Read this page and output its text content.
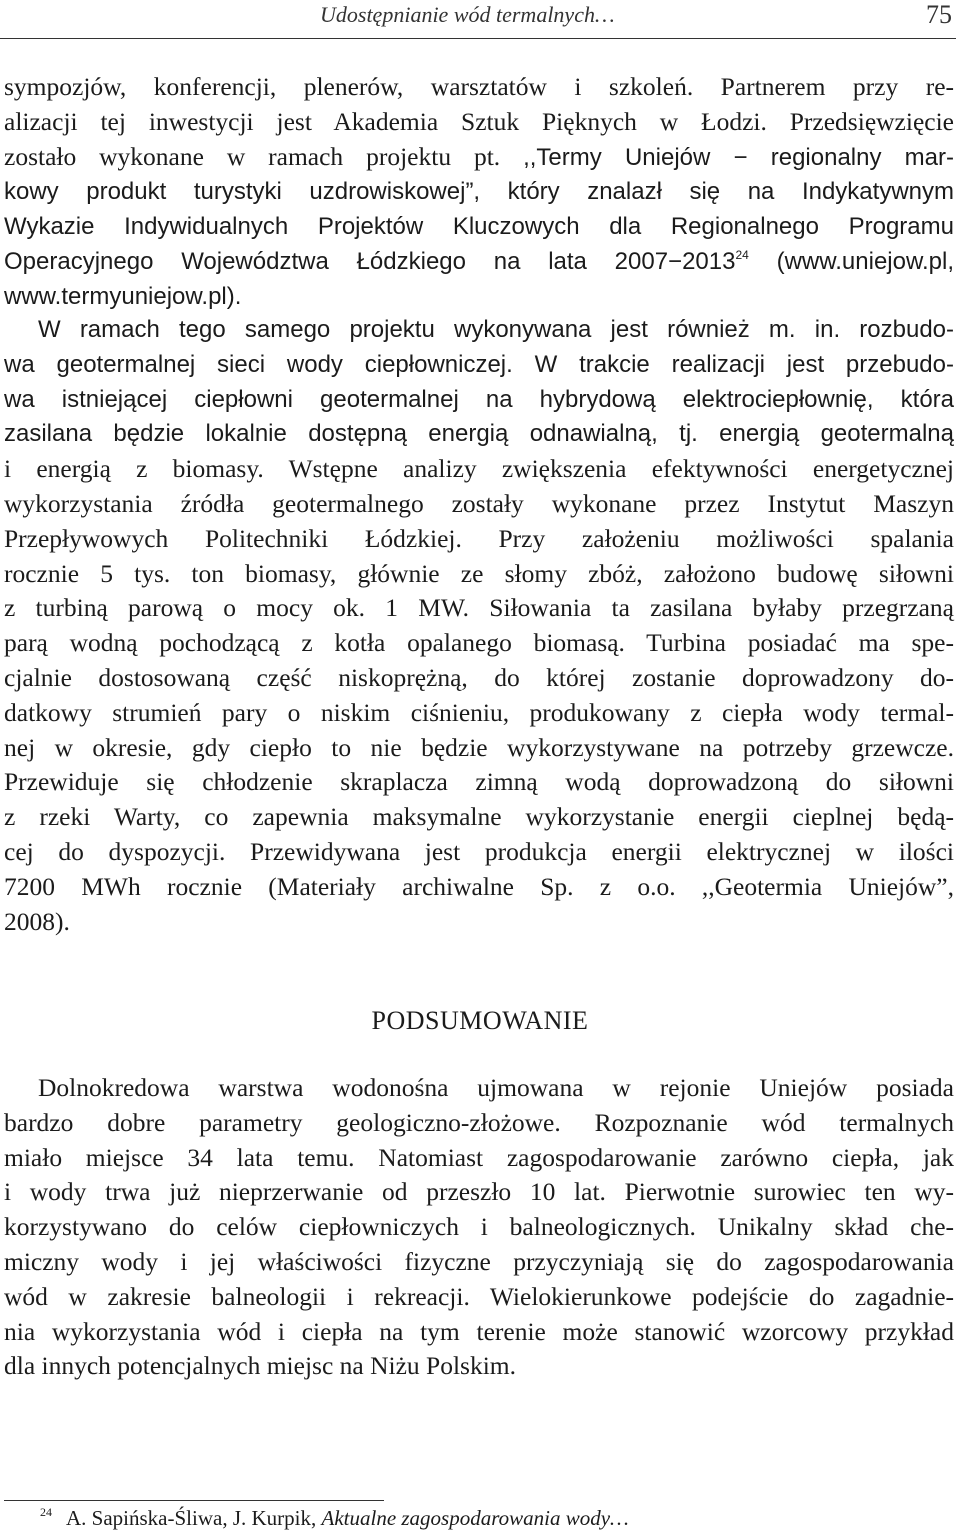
Udostępnianie wód termalnych…	75
sympozjów, konferencji, plenerów, warsztatów i szkoleń. Partnerem przy re-
alizacji tej inwestycji jest Akademia Sztuk Pięknych w Łodzi. Przedsięwzięcie
zostało wykonane w ramach projektu pt. ,,Termy Uniejów − regionalny mar-
kowy produkt turystyki uzdrowiskowej”, który znalazł się na Indykatywnym
Wykazie Indywidualnych Projektów Kluczowych dla Regionalnego Programu
Operacyjnego Województwa Łódzkiego na lata $2007-2013^{24}$ (www.uniejow.pl,
www.termyuniejow.pl).
W ramach tego samego projektu wykonywana jest również m. in. rozbudo-
wa geotermalnej sieci wody ciepłowniczej. W trakcie realizacji jest przebudo-
wa istniejącej ciepłowni geotermalnej na hybrydową elektrociepłownię, która
zasilana będzie lokalnie dostępną energią odnawialną, tj. energią geotermalną
i energią z biomasy. Wstępne analizy zwiększenia efektywności energetycznej
wykorzystania źródła geotermalnego zostały wykonane przez Instytut Maszyn
Przepływowych Politechniki Łódzkiej. Przy założeniu możliwości spalania
rocznie 5 tys. ton biomasy, głównie ze słomy zbóż, założono budowę siłowni
z turbiną parową o mocy ok. 1 MW. Siłowania ta zasilana byłaby przegrzaną
parą wodną pochodzącą z kotła opalanego biomasą. Turbina posiadać ma spe-
cjalnie dostosowaną część niskoprężną, do której zostanie doprowadzony do-
datkowy strumień pary o niskim ciśnieniu, produkowany z ciepła wody termal-
nej w okresie, gdy ciepło to nie będzie wykorzystywane na potrzeby grzewcze.
Przewiduje się chłodzenie skraplacza zimną wodą doprowadzoną do siłowni
z rzeki Warty, co zapewnia maksymalne wykorzystanie energii cieplnej będą-
cej do dyspozycji. Przewidywana jest produkcja energii elektrycznej w ilości
7200 MWh rocznie (Materiały archiwalne Sp. z o.o. ,,Geotermia Uniejów”,
2008).
PODSUMOWANIE
Dolnokredowa warstwa wodonośna ujmowana w rejonie Uniejów posiada
bardzo dobre parametry geologiczno-złożowe. Rozpoznanie wód termalnych
miało miejsce 34 lata temu. Natomiast zagospodarowanie zarówno ciepła, jak
i wody trwa już nieprzerwanie od przeszło 10 lat. Pierwotnie surowiec ten wy-
korzystywano do celów ciepłowniczych i balneologicznych. Unikalny skład che-
miczny wody i jej właściwości fizyczne przyczyniają się do zagospodarowania
wód w zakresie balneologii i rekreacji. Wielokierunkowe podejście do zagadnie-
nia wykorzystania wód i ciepła na tym terenie może stanowić wzorcowy przykład
dla innych potencjalnych miejsc na Niżu Polskim.
$^{24}$ A. Sapińska-Śliwa, J. Kurpik, Aktualne zagospodarowania wody…
